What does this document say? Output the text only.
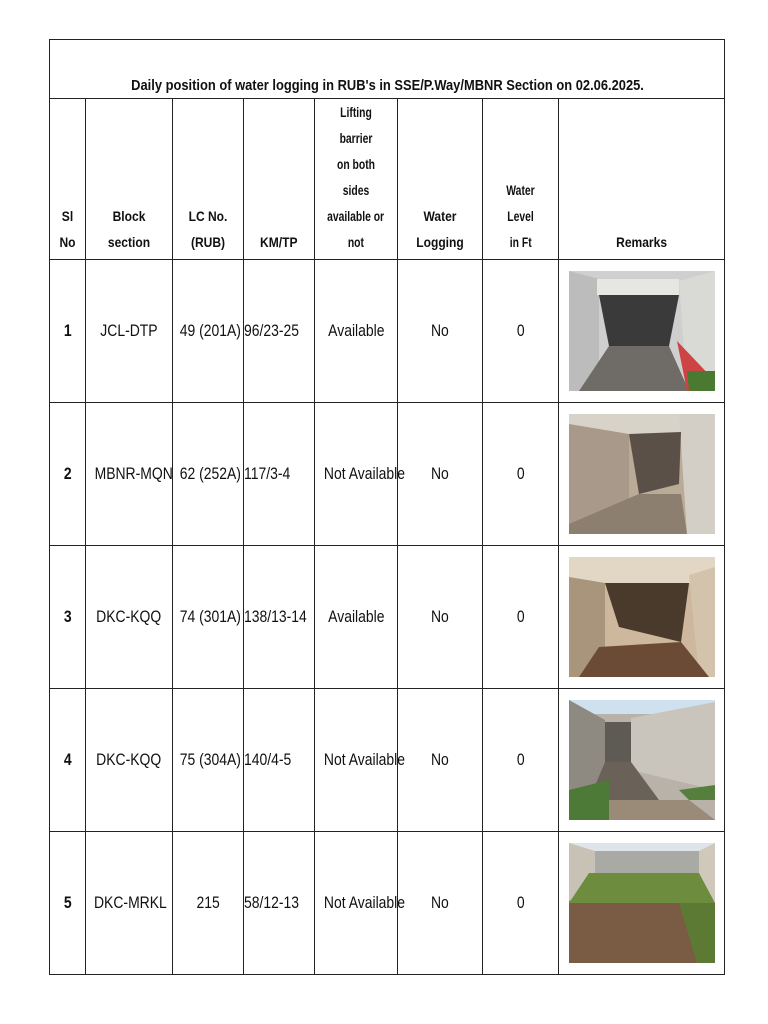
Daily position of water logging in RUB's in SSE/P.Way/MBNR Section on 02.06.2025.							
Sl No	Block section	LC No.(RUB)	KM/TP	Lifting barrier
on both sides
available or
not	Water Logging	Water Level
in Ft	Remarks
1	JCL-DTP	49 (201A)	96/23-25	Available	No	0	

2	MBNR-MQN	62 (252A)	117/3-4	Not Available	No	0	

3	DKC-KQQ	74 (301A)	138/13-14	Available	No	0	

4	DKC-KQQ	75 (304A)	140/4-5	Not Available	No	0	

5	DKC-MRKL	215	58/12-13	Not Available	No	0	
